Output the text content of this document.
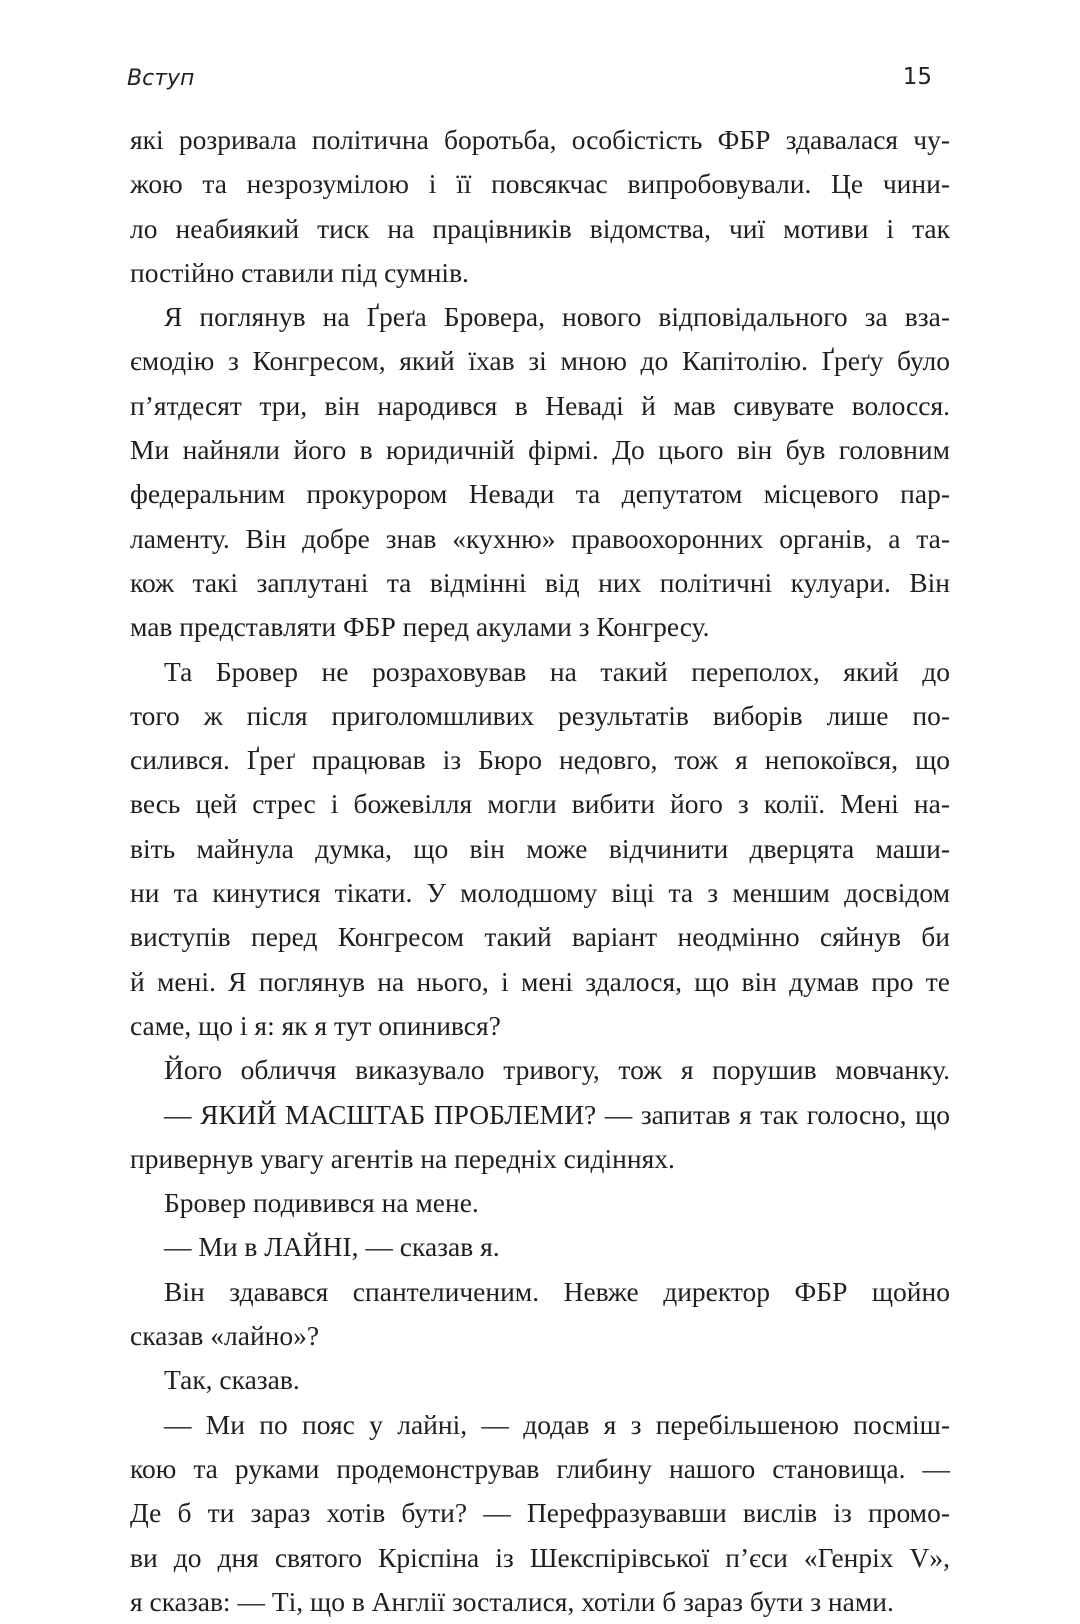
Вступ	15
які розривала політична боротьба, особістість ФБР здавалася чу-
жою та незрозумілою і її повсякчас випробовували. Це чини-
ло неабиякий тиск на працівників відомства, чиї мотиви і так
постійно ставили під сумнів.
Я поглянув на Ґреґа Бровера, нового відповідального за вза-
ємодію з Конгресом, який їхав зі мною до Капітолію. Ґреґу було
п’ятдесят три, він народився в Неваді й мав сивувате волосся.
Ми найняли його в юридичній фірмі. До цього він був головним
федеральним прокурором Невади та депутатом місцевого пар-
ламенту. Він добре знав «кухню» правоохоронних органів, а та-
кож такі заплутані та відмінні від них політичні кулуари. Він
мав представляти ФБР перед акулами з Конгресу.
Та Бровер не розраховував на такий переполох, який до
того ж після приголомшливих результатів виборів лише по-
силився. Ґреґ працював із Бюро недовго, тож я непокоївся, що
весь цей стрес і божевілля могли вибити його з колії. Мені на-
віть майнула думка, що він може відчинити дверцята маши-
ни та кинутися тікати. У молодшому віці та з меншим досвідом
виступів перед Конгресом такий варіант неодмінно сяйнув би
й мені. Я поглянув на нього, і мені здалося, що він думав про те
саме, що і я: як я тут опинився?
Його обличчя виказувало тривогу, тож я порушив мовчанку.
— ЯКИЙ МАСШТАБ ПРОБЛЕМИ? — запитав я так голосно, що
привернув увагу агентів на передніх сидіннях.
Бровер подивився на мене.
— Ми в ЛАЙНІ, — сказав я.
Він здавався спантеличеним. Невже директор ФБР щойно
сказав «лайно»?
Так, сказав.
— Ми по пояс у лайні, — додав я з перебільшеною посміш-
кою та руками продемонстрував глибину нашого становища. —
Де б ти зараз хотів бути? — Перефразувавши вислів із промо-
ви до дня святого Кріспіна із Шекспірівської п’єси «Генріх V»,
я сказав: — Ті, що в Англії зосталися, хотіли б зараз бути з нами.
